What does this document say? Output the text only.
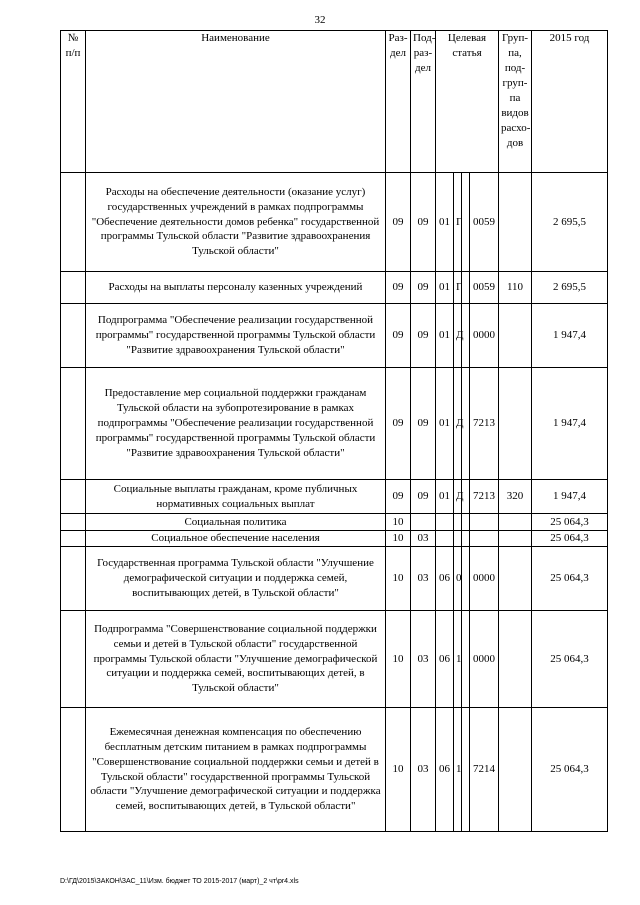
32
№ п/п	Наименование	Раз-дел	Под-раз-дел	Целевая статья				Груп-па, под-груп-па видов расхо-дов	2015 год
	Расходы на обеспечение деятельности (оказание услуг) государственных учреждений в рамках подпрограммы "Обеспечение деятельности домов ребенка" государственной программы Тульской области "Развитие здравоохранения Тульской области"	09	09	01	Г		0059		2 695,5
	Расходы на выплаты персоналу казенных учреждений	09	09	01	Г		0059	110	2 695,5
	Подпрограмма "Обеспечение реализации государственной программы" государственной программы Тульской области "Развитие здравоохранения Тульской области"	09	09	01	Д		0000		1 947,4
	Предоставление мер социальной поддержки гражданам Тульской области на зубопротезирование в рамках подпрограммы "Обеспечение реализации государственной программы" государственной программы Тульской области "Развитие здравоохранения Тульской области"	09	09	01	Д		7213		1 947,4
	Социальные выплаты гражданам, кроме публичных нормативных социальных выплат	09	09	01	Д		7213	320	1 947,4
	Социальная политика	10							25 064,3
	Социальное обеспечение населения	10	03						25 064,3
	Государственная программа Тульской области "Улучшение демографической ситуации и поддержка семей, воспитывающих детей, в Тульской области"	10	03	06	0		0000		25 064,3
	Подпрограмма "Совершенствование социальной поддержки семьи и детей в Тульской области" государственной программы Тульской области "Улучшение демографической ситуации и поддержка семей, воспитывающих детей, в Тульской области"	10	03	06	1		0000		25 064,3
	Ежемесячная денежная компенсация по обеспечению бесплатным детским питанием в рамках подпрограммы "Совершенствование социальной поддержки семьи и детей в Тульской области" государственной программы Тульской области "Улучшение демографической ситуации и поддержка семей, воспитывающих детей, в Тульской области"	10	03	06	1		7214		25 064,3
D:\ГД\2015\ЗАКОН\ЗАС_11\Изм. бюджет ТО 2015-2017 (март)_2 чт\pr4.xls
